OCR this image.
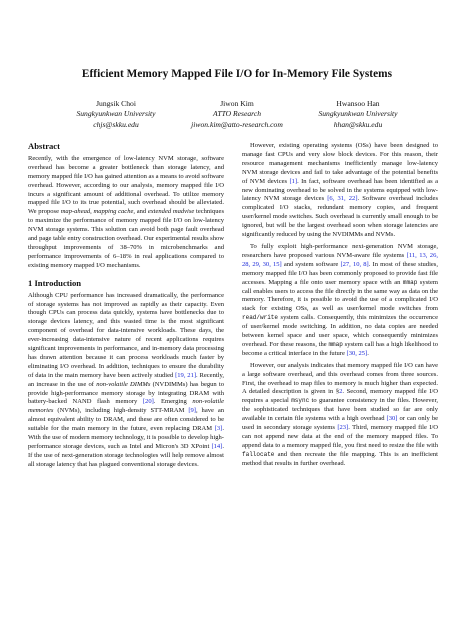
Efficient Memory Mapped File I/O for In-Memory File Systems
Jungsik Choi
Sungkyunkwan University
chjs@skku.edu
Jiwon Kim
ATTO Research
jiwon.kim@atto-research.com
Hwansoo Han
Sungkyunkwan University
hhan@skku.edu
Abstract

Recently, with the emergence of low-latency NVM storage, software overhead has become a greater bottleneck than storage latency, and memory mapped file I/O has gained attention as a means to avoid software overhead. However, according to our analysis, memory mapped file I/O incurs a significant amount of additional overhead. To utilize memory mapped file I/O to its true potential, such overhead should be alleviated. We propose map-ahead, mapping cache, and extended madvise techniques to maximize the performance of memory mapped file I/O on low-latency NVM storage systems. This solution can avoid both page fault overhead and page table entry construction overhead. Our experimental results show throughput improvements of 38–70% in microbenchmarks and performance improvements of 6–18% in real applications compared to existing memory mapped I/O mechanisms.

1 Introduction

Although CPU performance has increased dramatically, the performance of storage systems has not improved as rapidly as their capacity. Even though CPUs can process data quickly, systems have bottlenecks due to storage devices latency, and this wasted time is the most significant component of overhead for data-intensive workloads. These days, the ever-increasing data-intensive nature of recent applications requires significant improvements in performance, and in-memory data processing has drawn attention because it can process workloads much faster by eliminating I/O overhead. In addition, techniques to ensure the durability of data in the main memory have been actively studied [19, 21]. Recently, an increase in the use of non-volatile DIMMs (NVDIMMs) has begun to provide high-performance memory storage by integrating DRAM with battery-backed NAND flash memory [20]. Emerging non-volatile memories (NVMs), including high-density STT-MRAM [9], have an almost equivalent ability to DRAM, and these are often considered to be suitable for the main memory in the future, even replacing DRAM [3]. With the use of modern memory technology, it is possible to develop high-performance storage devices, such as Intel and Micron's 3D XPoint [14]. If the use of next-generation storage technologies will help remove almost all storage latency that has plagued conventional storage devices.

However, existing operating systems (OSs) have been designed to manage fast CPUs and very slow block devices. For this reason, their resource management mechanisms inefficiently manage low-latency NVM storage devices and fail to take advantage of the potential benefits of NVM devices [1]. In fact, software overhead has been identified as a new dominating overhead to be solved in the systems equipped with low-latency NVM storage devices [6, 31, 22]. Software overhead includes complicated I/O stacks, redundant memory copies, and frequent user/kernel mode switches. Such overhead is currently small enough to be ignored, but will be the largest overhead soon when storage latencies are significantly reduced by using the NVDIMMs and NVMs.

To fully exploit high-performance next-generation NVM storage, researchers have proposed various NVM-aware file systems [11, 13, 26, 28, 29, 30, 15] and system software [27, 10, 8]. In most of these studies, memory mapped file I/O has been commonly proposed to provide fast file accesses. Mapping a file onto user memory space with an mmap system call enables users to access the file directly in the same way as data on the memory. Therefore, it is possible to avoid the use of a complicated I/O stack for existing OSs, as well as user/kernel mode switches from read/write system calls. Consequently, this minimizes the occurrence of user/kernel mode switching. In addition, no data copies are needed between kernel space and user space, which consequently minimizes overhead. For these reasons, the mmap system call has a high likelihood to become a critical interface in the future [30, 25].

However, our analysis indicates that memory mapped file I/O can have a large software overhead, and this overhead comes from three sources. First, the overhead to map files to memory is much higher than expected. A detailed description is given in §2. Second, memory mapped file I/O requires a special msync to guarantee consistency in the files. However, the sophisticated techniques that have been studied so far are only available in certain file systems with a high overhead [30] or can only be used in secondary storage systems [23]. Third, memory mapped file I/O can not append new data at the end of the memory mapped files. To append data to a memory mapped file, you first need to resize the file with fallocate and then recreate the file mapping. This is an inefficient method that results in further overhead.
